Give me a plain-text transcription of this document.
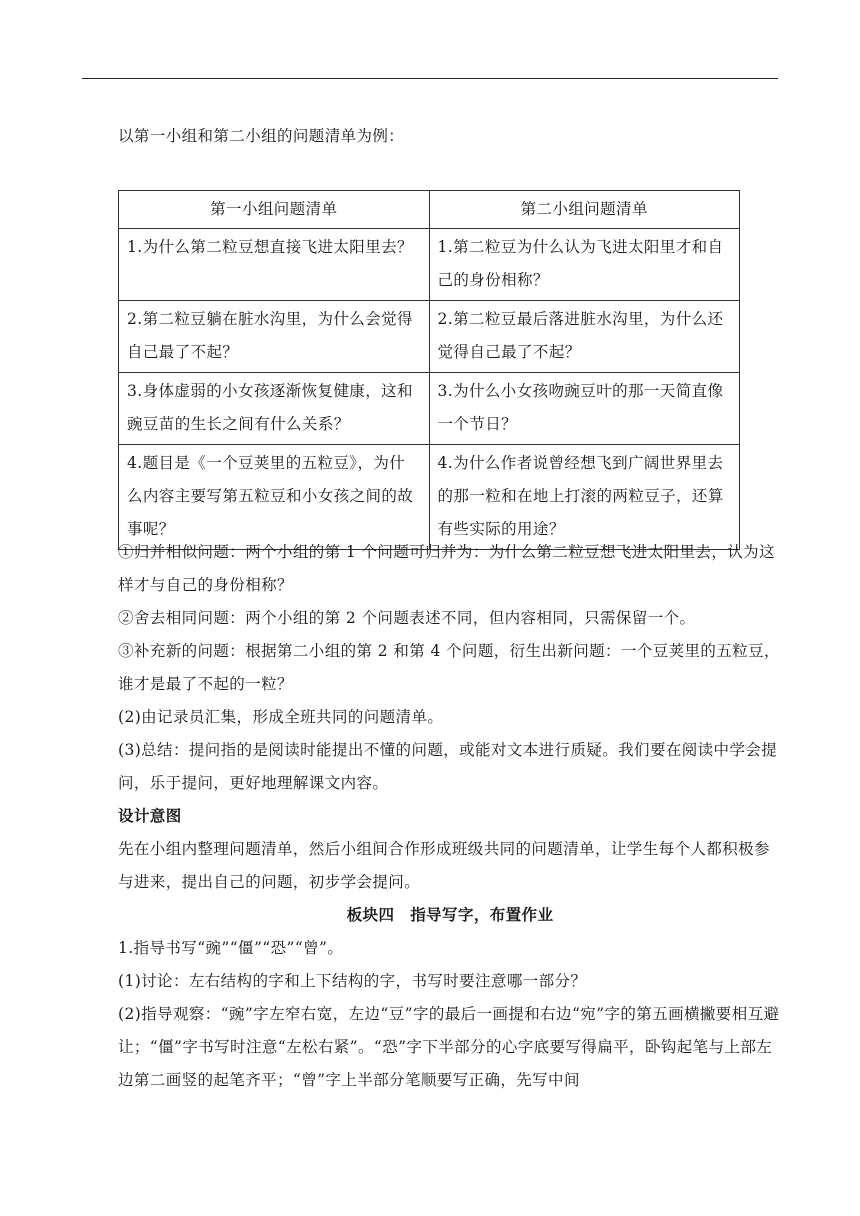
以第一小组和第二小组的问题清单为例：
第一小组问题清单	第二小组问题清单
1.为什么第二粒豆想直接飞进太阳里去？	1.第二粒豆为什么认为飞进太阳里才和自己的身份相称？
2.第二粒豆躺在脏水沟里，为什么会觉得自己最了不起？	2.第二粒豆最后落进脏水沟里，为什么还觉得自己最了不起？
3.身体虚弱的小女孩逐渐恢复健康，这和豌豆苗的生长之间有什么关系？	3.为什么小女孩吻豌豆叶的那一天简直像一个节日？
4.题目是《一个豆荚里的五粒豆》，为什么内容主要写第五粒豆和小女孩之间的故事呢？	4.为什么作者说曾经想飞到广阔世界里去的那一粒和在地上打滚的两粒豆子，还算有些实际的用途？

①归并相似问题：两个小组的第 1 个问题可归并为：为什么第二粒豆想飞进太阳里去，认为这样才与自己的身份相称？

②舍去相同问题：两个小组的第 2 个问题表述不同，但内容相同，只需保留一个。

③补充新的问题：根据第二小组的第 2 和第 4 个问题，衍生出新问题：一个豆荚里的五粒豆，谁才是最了不起的一粒？

(2)由记录员汇集，形成全班共同的问题清单。

(3)总结：提问指的是阅读时能提出不懂的问题，或能对文本进行质疑。我们要在阅读中学会提问，乐于提问，更好地理解课文内容。

设计意图

先在小组内整理问题清单，然后小组间合作形成班级共同的问题清单，让学生每个人都积极参与进来，提出自己的问题，初步学会提问。

板块四　指导写字，布置作业

1.指导书写“豌”“僵”“恐”“曾”。

(1)讨论：左右结构的字和上下结构的字，书写时要注意哪一部分？

(2)指导观察：“豌”字左窄右宽，左边“豆”字的最后一画提和右边“宛”字的第五画横撇要相互避让；“僵”字书写时注意“左松右紧”。“恐”字下半部分的心字底要写得扁平，卧钩起笔与上部左边第二画竖的起笔齐平；“曾”字上半部分笔顺要写正确，先写中间
